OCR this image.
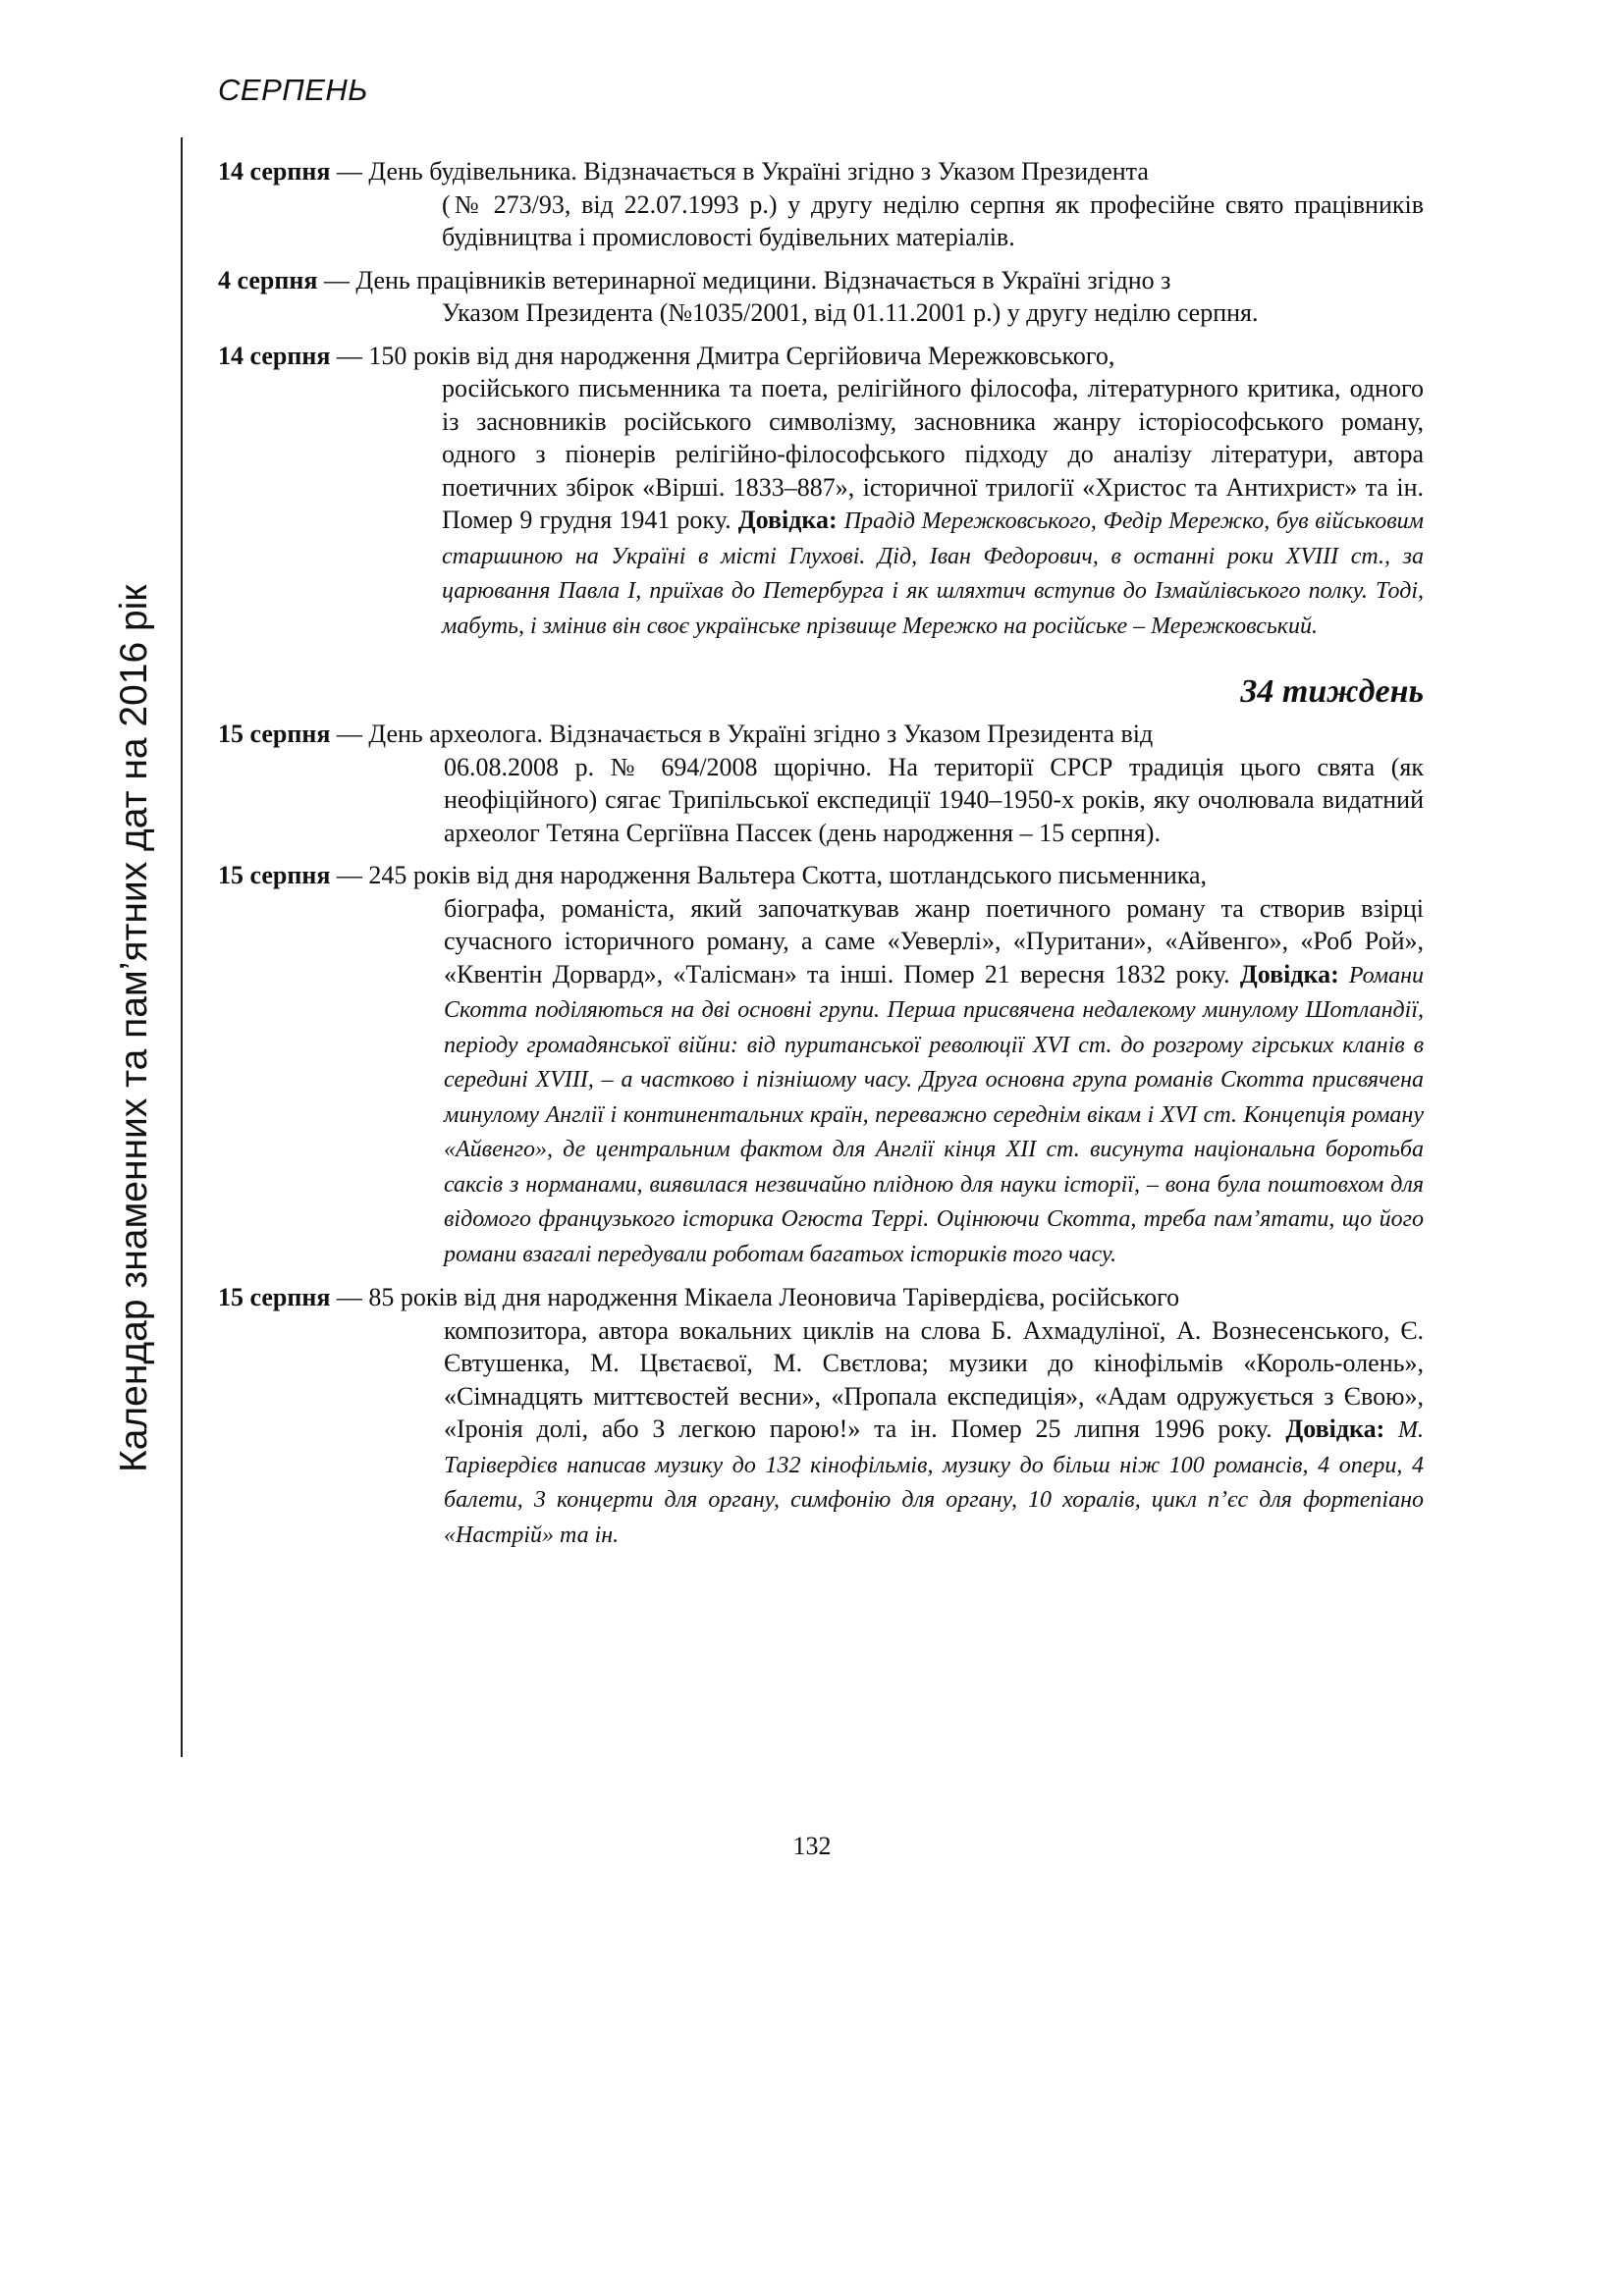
СЕРПЕНЬ
Календар знаменних та пам’ятних дат на 2016 рік
14 серпня — День будівельника. Відзначається в Україні згідно з Указом Президента
(№ 273/93, від 22.07.1993 р.) у другу неділю серпня як професійне свято працівників будівництва і промисловості будівельних матеріалів.
4 серпня — День працівників ветеринарної медицини. Відзначається в Україні згідно з
Указом Президента (№1035/2001, від 01.11.2001 р.) у другу неділю серпня.
14 серпня — 150 років від дня народження Дмитра Сергійовича Мережковського,
російського письменника та поета, релігійного філософа, літературного критика, одного із засновників російського символізму, засновника жанру історіософського роману, одного з піонерів релігійно-філософського підходу до аналізу літератури, автора поетичних збірок «Вірші. 1833–887», історичної трилогії «Христос та Антихрист» та ін. Помер 9 грудня 1941 року. Довідка: Прадід Мережковського, Федір Мережко, був військовим старшиною на Україні в місті Глухові. Дід, Іван Федорович, в останні роки XVIII ст., за царювання Павла I, приїхав до Петербурга і як шляхтич вступив до Ізмайлівського полку. Тоді, мабуть, і змінив він своє українське прізвище Мережко на російське – Мережковський.
34 тиждень
15 серпня — День археолога. Відзначається в Україні згідно з Указом Президента від
06.08.2008 р. № 694/2008 щорічно. На території СРСР традиція цього свята (як неофіційного) сягає Трипільської експедиції 1940–1950-х років, яку очолювала видатний археолог Тетяна Сергіївна Пассек (день народження – 15 серпня).
15 серпня — 245 років від дня народження Вальтера Скотта, шотландського письменника,
біографа, романіста, який започаткував жанр поетичного роману та створив взірці сучасного історичного роману, а саме «Уеверлі», «Пуритани», «Айвенго», «Роб Рой», «Квентін Дорвард», «Талісман» та інші. Помер 21 вересня 1832 року. Довідка: Романи Скотта поділяються на дві основні групи. Перша присвячена недалекому минулому Шотландії, періоду громадянської війни: від пуританської революції XVI ст. до розгрому гірських кланів в середині XVIII, – а частково і пізнішому часу. Друга основна група романів Скотта присвячена минулому Англії і континентальних країн, переважно середнім вікам і XVI ст. Концепція роману «Айвенго», де центральним фактом для Англії кінця XII ст. висунута національна боротьба саксів з норманами, виявилася незвичайно плідною для науки історії, – вона була поштовхом для відомого французького історика Огюста Террі. Оцінюючи Скотта, треба пам’ятати, що його романи взагалі передували роботам багатьох істориків того часу.
15 серпня — 85 років від дня народження Мікаела Леоновича Тарівердієва, російського
композитора, автора вокальних циклів на слова Б. Ахмадуліної, А. Вознесенського, Є. Євтушенка, М. Цвєтаєвої, М. Свєтлова; музики до кінофільмів «Король-олень», «Сімнадцять миттєвостей весни», «Пропала експедиція», «Адам одружується з Євою», «Іронія долі, або З легкою парою!» та ін. Помер 25 липня 1996 року. Довідка: М. Тарівердієв написав музику до 132 кінофільмів, музику до більш ніж 100 романсів, 4 опери, 4 балети, 3 концерти для органу, симфонію для органу, 10 хоралів, цикл п’єс для фортепіано «Настрій» та ін.
132
